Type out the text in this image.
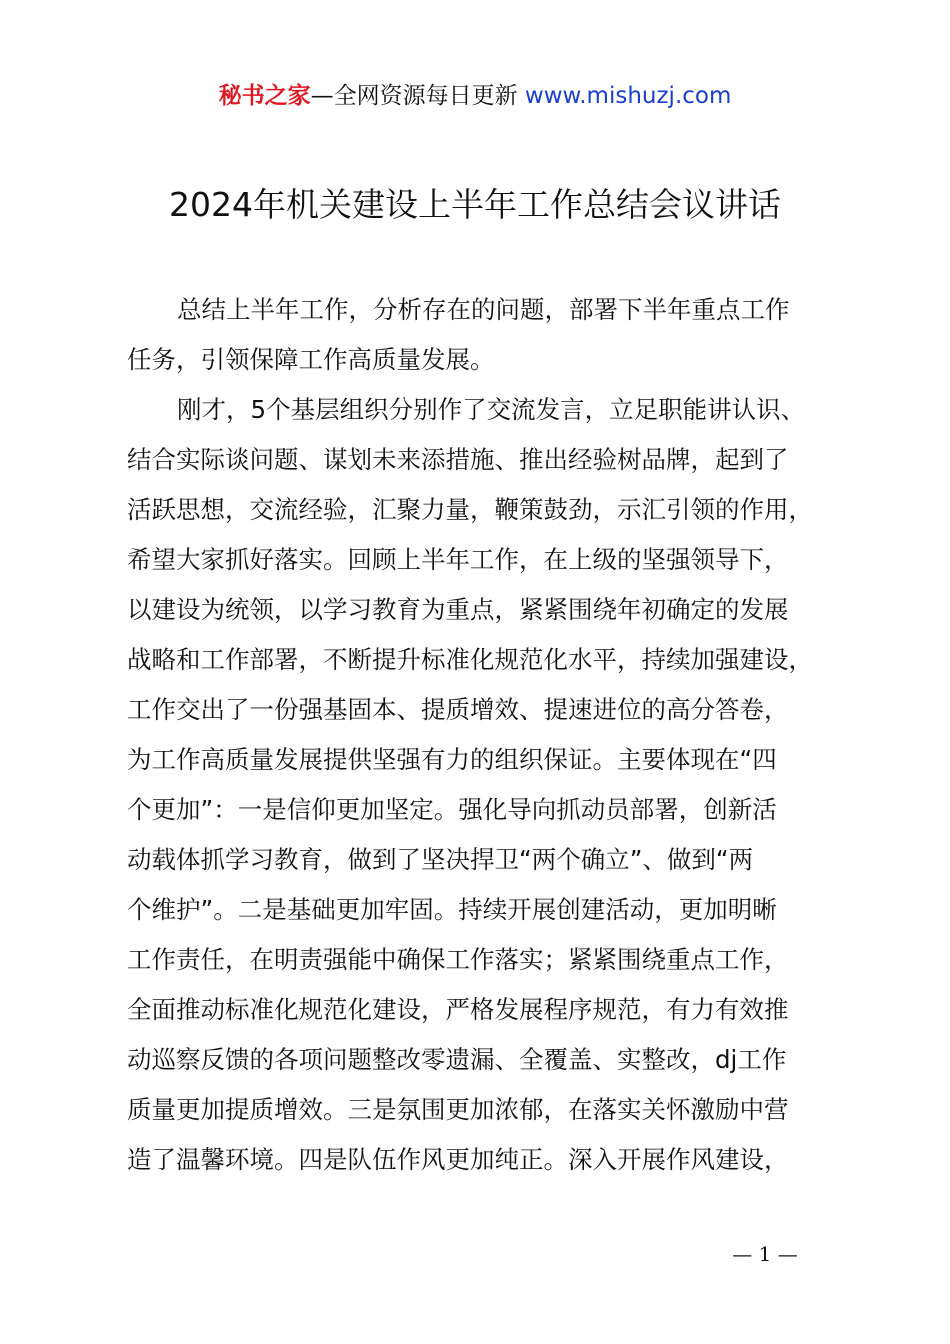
秘书之家—全网资源每日更新 www.mishuzj.com
2024年机关建设上半年工作总结会议讲话

总结上半年工作，分析存在的问题，部署下半年重点工作
任务，引领保障工作高质量发展。

刚才，5个基层组织分别作了交流发言，立足职能讲认识、
结合实际谈问题、谋划未来添措施、推出经验树品牌，起到了
活跃思想，交流经验，汇聚力量，鞭策鼓劲，示汇引领的作用，
希望大家抓好落实。回顾上半年工作，在上级的坚强领导下，
以建设为统领，以学习教育为重点，紧紧围绕年初确定的发展
战略和工作部署，不断提升标准化规范化水平，持续加强建设，
工作交出了一份强基固本、提质增效、提速进位的高分答卷，
为工作高质量发展提供坚强有力的组织保证。主要体现在“四
个更加”：一是信仰更加坚定。强化导向抓动员部署，创新活
动载体抓学习教育，做到了坚决捍卫“两个确立”、做到“两
个维护”。二是基础更加牢固。持续开展创建活动，更加明晰
工作责任，在明责强能中确保工作落实；紧紧围绕重点工作，
全面推动标准化规范化建设，严格发展程序规范，有力有效推
动巡察反馈的各项问题整改零遗漏、全覆盖、实整改，dj工作
质量更加提质增效。三是氛围更加浓郁，在落实关怀激励中营
造了温馨环境。四是队伍作风更加纯正。深入开展作风建设，

— 1 —
